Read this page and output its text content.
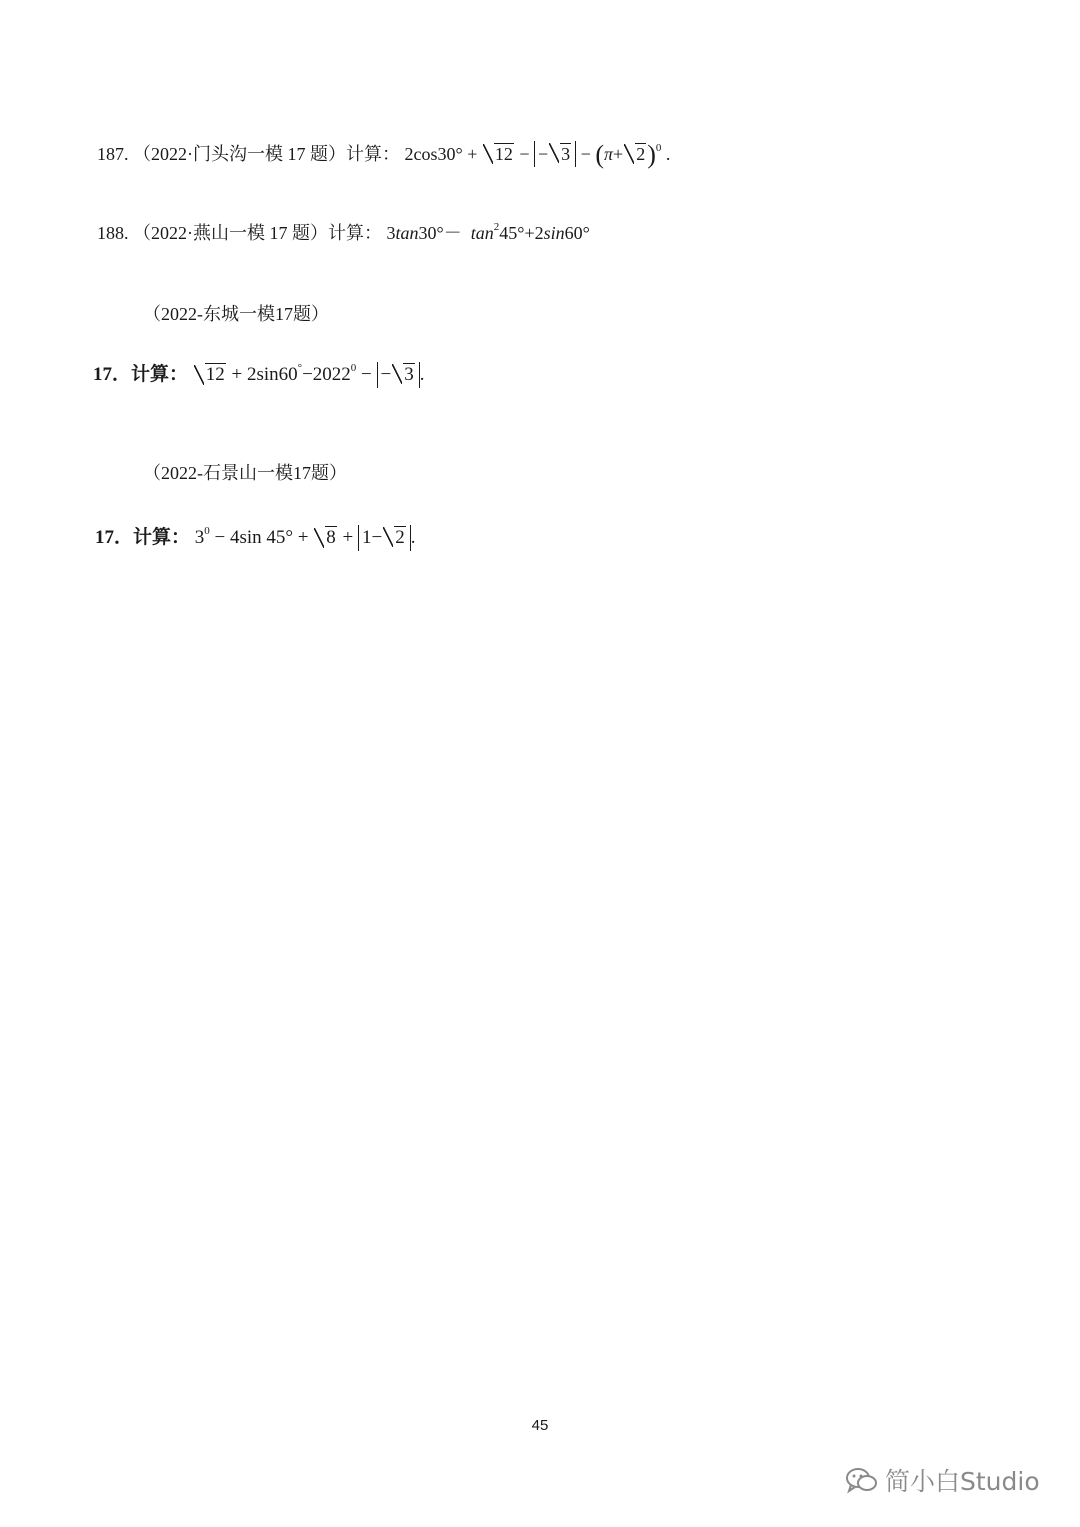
187. （2022·门头沟一模 17 题）计算： 2cos30° + 12 − − $3 - (\pi+ 2)^0$ .
188. （2022·燕山一模 17 题）计算： $3\tan 30^\circ- \tan^245^\circ+2\sin 60^\circ$
（2022-东城一模17题）
17．计算： $12 + 2\sin 60^\circ-2022^0$ − − 3 .
（2022-石景山一模17题）
17．计算： $3^0 - 4\sin$ 45° + 8 + 1− 2 .
45
简小白Studio
